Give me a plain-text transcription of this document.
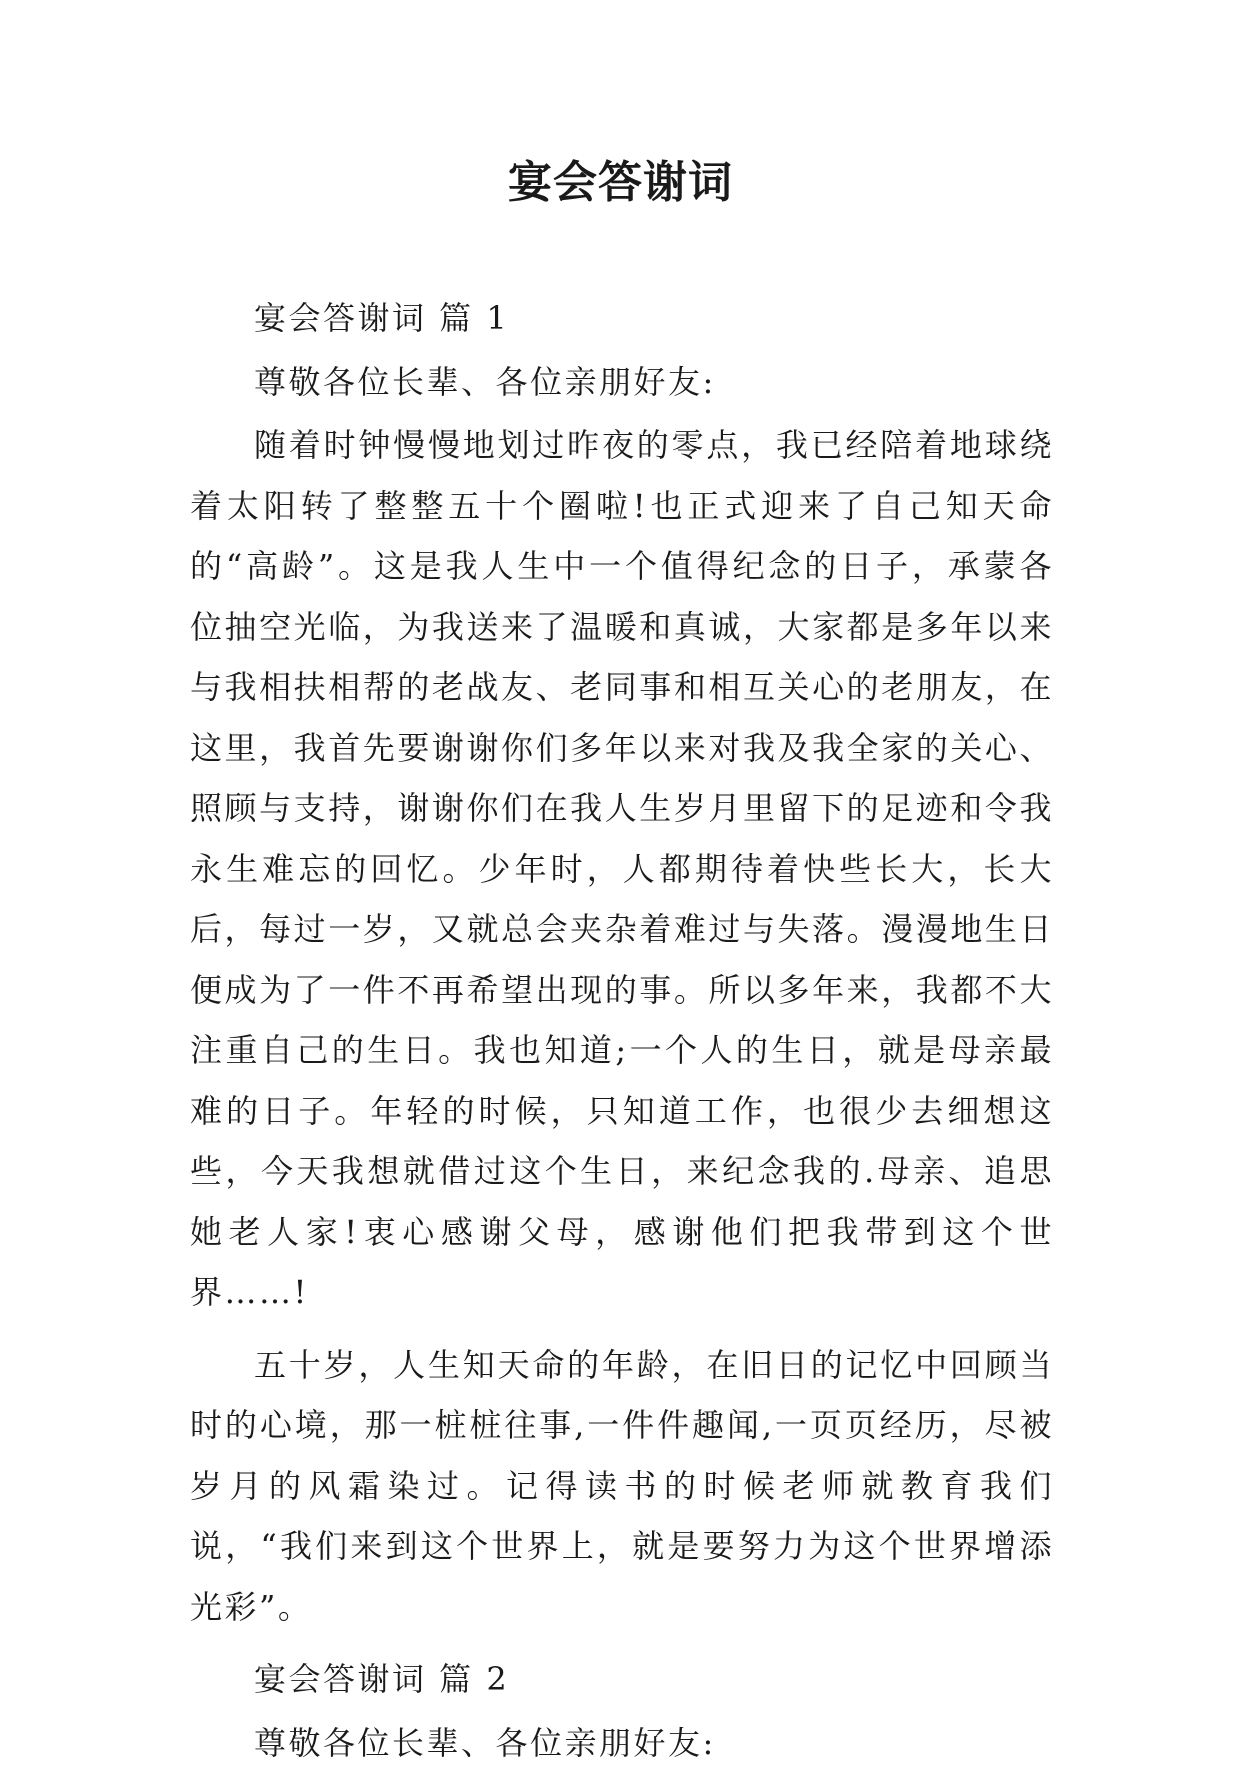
宴会答谢词

宴会答谢词 篇 1

尊敬各位长辈、各位亲朋好友:

随着时钟慢慢地划过昨夜的零点，我已经陪着地球绕着太阳转了整整五十个圈啦!也正式迎来了自己知天命的“高龄”。这是我人生中一个值得纪念的日子，承蒙各位抽空光临，为我送来了温暖和真诚，大家都是多年以来与我相扶相帮的老战友、老同事和相互关心的老朋友，在这里，我首先要谢谢你们多年以来对我及我全家的关心、照顾与支持，谢谢你们在我人生岁月里留下的足迹和令我永生难忘的回忆。少年时，人都期待着快些长大，长大后，每过一岁，又就总会夹杂着难过与失落。漫漫地生日便成为了一件不再希望出现的事。所以多年来，我都不大注重自己的生日。我也知道;一个人的生日，就是母亲最难的日子。年轻的时候，只知道工作，也很少去细想这些，今天我想就借过这个生日，来纪念我的.母亲、追思她老人家!衷心感谢父母，感谢他们把我带到这个世界……!

五十岁，人生知天命的年龄，在旧日的记忆中回顾当时的心境，那一桩桩往事,一件件趣闻,一页页经历，尽被岁月的风霜染过。记得读书的时候老师就教育我们说，“我们来到这个世界上，就是要努力为这个世界增添光彩”。

宴会答谢词 篇 2

尊敬各位长辈、各位亲朋好友:
